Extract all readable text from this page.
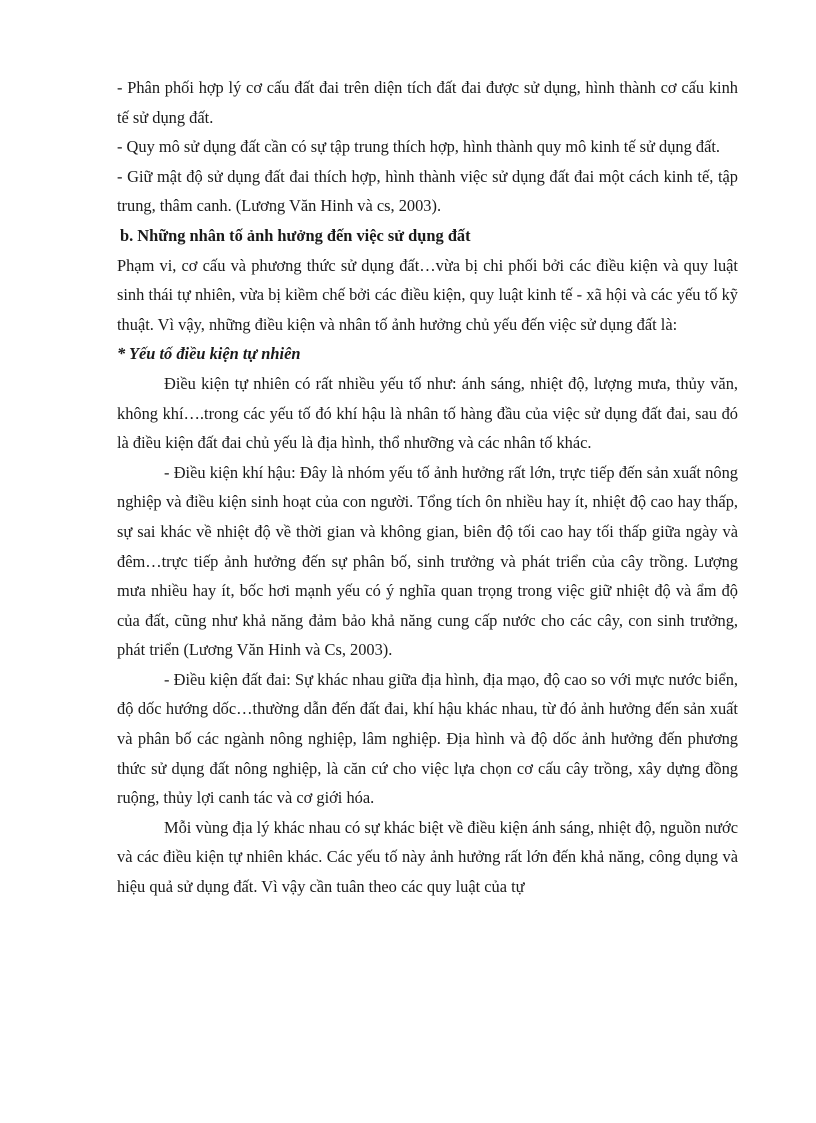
- Phân phối hợp lý cơ cấu đất đai trên diện tích đất đai được sử dụng, hình thành cơ cấu kinh tế sử dụng đất.

- Quy mô sử dụng đất cần có sự tập trung thích hợp, hình thành quy mô kinh tế sử dụng đất.

- Giữ mật độ sử dụng đất đai thích hợp, hình thành việc sử dụng đất đai một cách kinh tế, tập trung, thâm canh. (Lương Văn Hinh và cs, 2003).

b. Những nhân tố ảnh hưởng đến việc sử dụng đất

Phạm vi, cơ cấu và phương thức sử dụng đất…vừa bị chi phối bởi các điều kiện và quy luật sinh thái tự nhiên, vừa bị kiềm chế bởi các điều kiện, quy luật kinh tế - xã hội và các yếu tố kỹ thuật. Vì vậy, những điều kiện và nhân tố ảnh hưởng chủ yếu đến việc sử dụng đất là:

* Yếu tố điều kiện tự nhiên

Điều kiện tự nhiên có rất nhiều yếu tố như: ánh sáng, nhiệt độ, lượng mưa, thủy văn, không khí….trong các yếu tố đó khí hậu là nhân tố hàng đầu của việc sử dụng đất đai, sau đó là điều kiện đất đai chủ yếu là địa hình, thổ nhưỡng và các nhân tố khác.

- Điều kiện khí hậu: Đây là nhóm yếu tố ảnh hưởng rất lớn, trực tiếp đến sản xuất nông nghiệp và điều kiện sinh hoạt của con người. Tổng tích ôn nhiều hay ít, nhiệt độ cao hay thấp, sự sai khác về nhiệt độ về thời gian và không gian, biên độ tối cao hay tối thấp giữa ngày và đêm…trực tiếp ảnh hưởng đến sự phân bố, sinh trưởng và phát triển của cây trồng. Lượng mưa nhiều hay ít, bốc hơi mạnh yếu có ý nghĩa quan trọng trong việc giữ nhiệt độ và ẩm độ của đất, cũng như khả năng đảm bảo khả năng cung cấp nước cho các cây, con sinh trưởng, phát triển (Lương Văn Hinh và Cs, 2003).

- Điều kiện đất đai: Sự khác nhau giữa địa hình, địa mạo, độ cao so với mực nước biển, độ dốc hướng dốc…thường dẫn đến đất đai, khí hậu khác nhau, từ đó ảnh hưởng đến sản xuất và phân bố các ngành nông nghiệp, lâm nghiệp. Địa hình và độ dốc ảnh hưởng đến phương thức sử dụng đất nông nghiệp, là căn cứ cho việc lựa chọn cơ cấu cây trồng, xây dựng đồng ruộng, thủy lợi canh tác và cơ giới hóa.

Mỗi vùng địa lý khác nhau có sự khác biệt về điều kiện ánh sáng, nhiệt độ, nguồn nước và các điều kiện tự nhiên khác. Các yếu tố này ảnh hưởng rất lớn đến khả năng, công dụng và hiệu quả sử dụng đất. Vì vậy cần tuân theo các quy luật của tự
